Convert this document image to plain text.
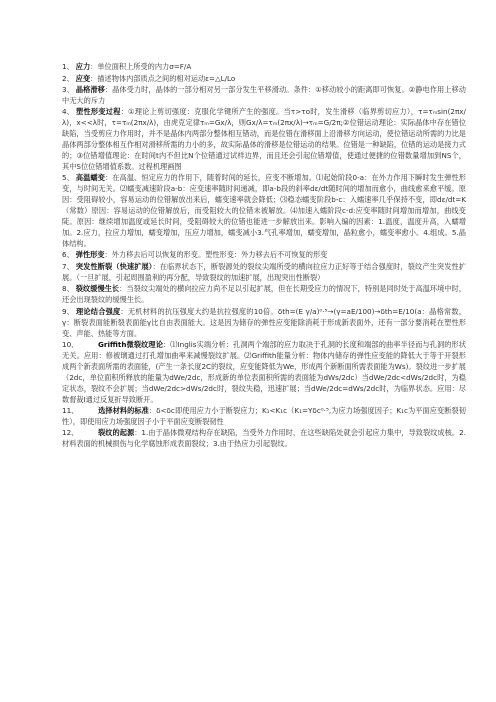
1、 应力：单位面积上所受的内力σ=F/A
2、 应变：描述物体内部质点之间的相对运动ε=△L/Lo
3、 晶格滑移：晶体受力时，晶体的一部分相对另一部分发生平移滑动。条件：①移动较小的距离即可恢复。②静电作用上移动中无大的斥力
4、 塑性形变过程：①理论上剪切强度：克服化学键所产生的强度。当τ>τo时，发生滑移（临界剪切应力），τ=τₘsin(2πx/λ)，x<<λ时，τ=τₘ(2πx/λ)，由虎克定律τₘ=Gx/λ，则Gx/λ=τₘ(2πx/λ)→τₘ=G/2π;②位错运动理论：实际晶体中存在错位缺陷，当受剪应力作用时，并不是晶体内两部分整体相互错动，而是位错在滑移面上沿滑移方向运动，使位错运动所需的力比是晶体两部分整体相互作相对滑移所需的力小的多，故实际晶体的滑移是位错运动的结果。位错是一种缺陷，位错的运动是接力式的；③位错增值理论：在时间t内不但比N个位错通过试样边界，而且还会引起位错增值，使通过便捷的位错数量增加到NS个，其中S位位错增值系数。过程机理画图
5、 高温蠕变：在高温、恒定应力的作用下，随着时间的延长，应变不断增加。⑴起始阶段0-a：在外力作用下瞬时发生弹性形变，与时间无关。⑵蠕变减速阶段a-b：应变速率随时间递减，即a-b段的斜率dε/dt随时间的增加而愈小，曲线愈来愈平缓。原因：受阻碍较小，容易运动的位错解放出来后，蠕变速率就会降低；⑶稳态蠕变阶段b-c：入蠕速率几乎保持不变，即dε/dt=K（常数）原因：容易运动的位错解放后，而受阻较大的位错未被解放。⑷加速入蠕阶段c-d:应变率随时间增加而增加，曲线变陡。原因：继续增加温度或延长时间，受阻碍较大的位错也能进一步解放出来。影响入编的因素：1.温度，温度升高，入蠕增加。2.应力，拉应力增加，蠕变增加，压应力增加，蠕变减小3.气孔率增加，蠕变增加，晶粒愈小，蠕变率愈小。4.组成。5.晶体结构。
6、 弹性形变：外力移去后可以恢复的形变。塑性形变：外力移去后不可恢复的形变
7、 突发性断裂（快速扩展）：在临界状态下，断裂源处的裂纹尖端所受的横向拉应力正好等于结合强度时，裂纹产生突发性扩展。（一旦扩展，引起周围盈利的再分配，导致裂纹的加速扩展，出现突出性断裂）
8、 裂纹缓慢生长：当裂纹尖端处的横向拉应力尚不足以引起扩展，但在长期受应力的情况下，特别是同时处于高温环境中时，还会出现裂纹的缓慢生长。
9、 理论结合强度：无机材料的抗压强度大约是抗拉强度的10倍。δth=(E γ/a)⁰·⁵→(γ=aE/100)→δth=E/10(a：晶格常数，γ：断裂表面能断裂表面能γ比自由表面能大。这是因为储存的弹性应变能除消耗于形成新表面外，还有一部分要消耗在塑性形变、声能、热能等方面。
10、	Griffith微裂纹理论：⑴Inglis实端分析：孔洞两个端部的应力取决于孔洞的长度和端部的曲率半径而与孔洞的形状无关。应用：修被璃通过打孔增加曲率来减慢裂纹扩展。⑵Griffith能量分析：物体内储存的弹性应变能的降低大于等于开裂形成两个新表面所需的表面能，(产生一条长度2C的裂纹，应变能降低为We，形成两个新断面所需表面能为Ws)。裂纹进一步扩展（2dc，单位面积所释放的能量为dWe/2dc，形成新的单位表面积所需的表面能为dWs/2dc）当dWe/2dc<dWs/2dc时，为稳定状态，裂纹不会扩展；当dWe/2dc>dWs/2dc时，裂纹失稳，迅速扩展；当dWe/2dc=dWs/2dc时，为临界状态。应用：尽数督裁Ⅰ通过反复折导致断开。
11、	选择材料的标准：δ<δc即使用应力小于断裂应力；K₁<K₁c（K₁=Yδc⁰·⁵,为应力场强度因子；K₁c为平面应变断裂韧性），即使用应力场强度因子小于平面应变断裂韧性
12、	裂纹的起源：1.由于晶体微观结构存在缺陷，当受外力作用时，在这些缺陷处就会引起应力集中，导致裂纹成核。2.材料表面的机械损伤与化学腐蚀形成表面裂纹；3.由于热应力引起裂纹。
